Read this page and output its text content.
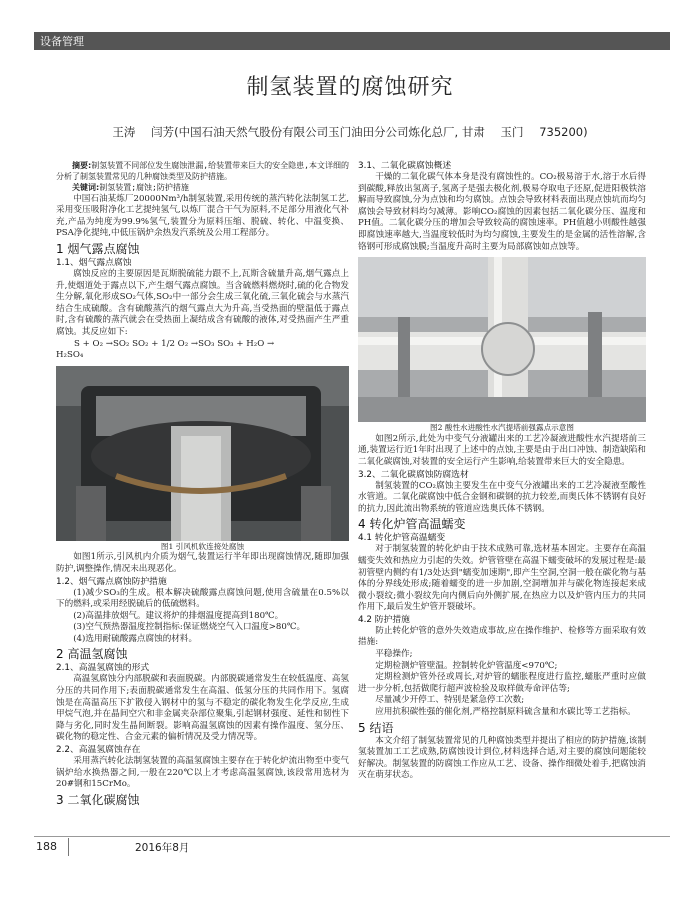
设备管理
制氢装置的腐蚀研究
王涛 闫芳(中国石油天然气股份有限公司玉门油田分公司炼化总厂, 甘肃 玉门 735200)

摘要:制氢装置不同部位发生腐蚀泄漏,给装置带来巨大的安全隐患,本文详细的分析了制氢装置常见的几种腐蚀类型及防护措施。

关键词:制氢装置;腐蚀;防护措施

中国石油某炼厂20000Nm³/h制氢装置,采用传统的蒸汽转化法制氢工艺,采用变压吸附净化工艺提纯氢气,以炼厂混合干气为原料,不足部分用液化气补充,产品为纯度为99.9%氢气,装置分为原料压缩、脱硫、转化、中温变换、PSA净化提纯,中低压锅炉余热发汽系统及公用工程部分。

1 烟气露点腐蚀
1.1、烟气露点腐蚀

腐蚀反应的主要原因是瓦斯脱硫能力跟不上,瓦斯含硫量升高,烟气露点上升,使烟道处于露点以下,产生烟气露点腐蚀。当含硫燃料燃烧时,硫的化合物发生分解,氧化形成SO₂气体,SO₂中一部分会生成三氧化硫,三氧化硫会与水蒸汽结合生成硫酸。含有硫酸蒸汽的烟气露点大为升高,当受热面的壁温低于露点时,含有硫酸的蒸汽就会在受热面上凝结成含有硫酸的液体,对受热面产生严重腐蚀。其反应如下:

S + O₂ →SO₂ SO₂ + 1/2 O₂ →SO₃ SO₃ + H₂O →

H₂SO₄

图1 引风机软连接处腐蚀

如图1所示,引风机内介质为烟气,装置运行半年即出现腐蚀情况,随即加强防护,调整操作,情况未出现恶化。

1.2、烟气露点腐蚀防护措施

(1)减少SO₃的生成。根本解决硫酸露点腐蚀问题,使用含硫量在0.5%以下的燃料,或采用经脱硫后的低硫燃料。

(2)高温排放烟气。建议将炉的排烟温度提高到180℃。

(3)空气预热器温度控制指标:保证燃烧空气入口温度>80℃。

(4)选用耐硫酸露点腐蚀的材料。

2 高温氢腐蚀
2.1、高温氢腐蚀的形式

高温氢腐蚀分内部脱碳和表面脱碳。内部脱碳通常发生在较低温度、高氢分压的共同作用下;表面脱碳通常发生在高温、低氢分压的共同作用下。氢腐蚀是在高温高压下扩散侵入钢材中的氢与不稳定的碳化物发生化学反应,生成甲烷气泡,并在晶间空穴和非金属夹杂部位聚集,引起钢材强度、延性和韧性下降与劣化,同时发生晶间断裂。影响高温氢腐蚀的因素有操作温度、氢分压、碳化物的稳定性、合金元素的偏析情况及受力情况等。

2.2、高温氢腐蚀存在

采用蒸汽转化法制氢装置的高温氢腐蚀主要存在于转化炉流出物至中变气锅炉给水换热器之间,一般在220℃以上才考虑高温氢腐蚀,该段常用选材为20#钢和15CrMo。

3 二氧化碳腐蚀
3.1、二氧化碳腐蚀概述

干燥的二氧化碳气体本身是没有腐蚀性的。CO₂极易溶于水,溶于水后得到碳酸,释放出氢离子,氢离子是强去极化剂,极易夺取电子还原,促进阳极铁溶解而导致腐蚀,分为点蚀和均匀腐蚀。点蚀会导致材料表面出现点蚀坑而均匀腐蚀会导致材料均匀减薄。影响CO₂腐蚀的因素包括二氧化碳分压、温度和PH值。二氧化碳分压的增加会导致较高的腐蚀速率。PH值越小则酸性越强即腐蚀速率越大,当温度较低时为均匀腐蚀,主要发生的是金属的活性溶解,含铬钢可形成腐蚀膜;当温度升高时主要为局部腐蚀如点蚀等。

图2 酸性水进酸性水汽提塔前强露点示意图

如图2所示,此处为中变气分液罐出来的工艺冷凝液进酸性水汽提塔前三通,装置运行近1年时出现了上述中的点蚀,主要是由于出口冲蚀、制造缺陷和二氧化碳腐蚀,对装置的安全运行产生影响,给装置带来巨大的安全隐患。

3.2、二氧化碳腐蚀防腐选材

制氢装置的CO₂腐蚀主要发生在中变气分液罐出来的工艺冷凝液至酸性水管道。二氧化碳腐蚀中低合金钢和碳钢的抗力较差,而奥氏体不锈钢有良好的抗力,因此流出物系统的管道应选奥氏体不锈钢。

4 转化炉管高温蠕变
4.1 转化炉管高温蠕变

对于制氢装置的转化炉由于技术成熟可靠,选材基本固定。主要存在高温蠕变失效和热应力引起的失效。炉管管壁在高温下蠕变破坏的发展过程是:最初管壁内侧约有1/3处达到"蠕变加速期",即产生空洞,空洞一般在碳化物与基体的分界线处形成;随着蠕变的进一步加剧,空洞增加并与碳化物连接起来成微小裂纹;微小裂纹先向内侧后向外侧扩展,在热应力以及炉管内压力的共同作用下,最后发生炉管开裂破坏。

4.2 防护措施

防止转化炉管的意外失效造成事故,应在操作维护、检修等方面采取有效措施:

平稳操作;

定期检测炉管壁温。控制转化炉管温度<970℃;

定期检测炉管外径或周长,对炉管的蠕胀程度进行监控,蠕胀严重时应做进一步分析,包括做爬行超声波检验及取样做寿命评估等;

尽量减少开停工、特别是紧急停工次数;

应用抗积碳性强的催化剂,严格控制原料硫含量和水碳比等工艺指标。

5 结语

本文介绍了制氢装置常见的几种腐蚀类型并提出了相应的防护措施,该制氢装置加工工艺成熟,防腐蚀设计到位,材料选择合适,对主要的腐蚀问题能较好解决。制氢装置的防腐蚀工作应从工艺、设备、操作细微处着手,把腐蚀消灭在萌芽状态。

188	2016年8月
